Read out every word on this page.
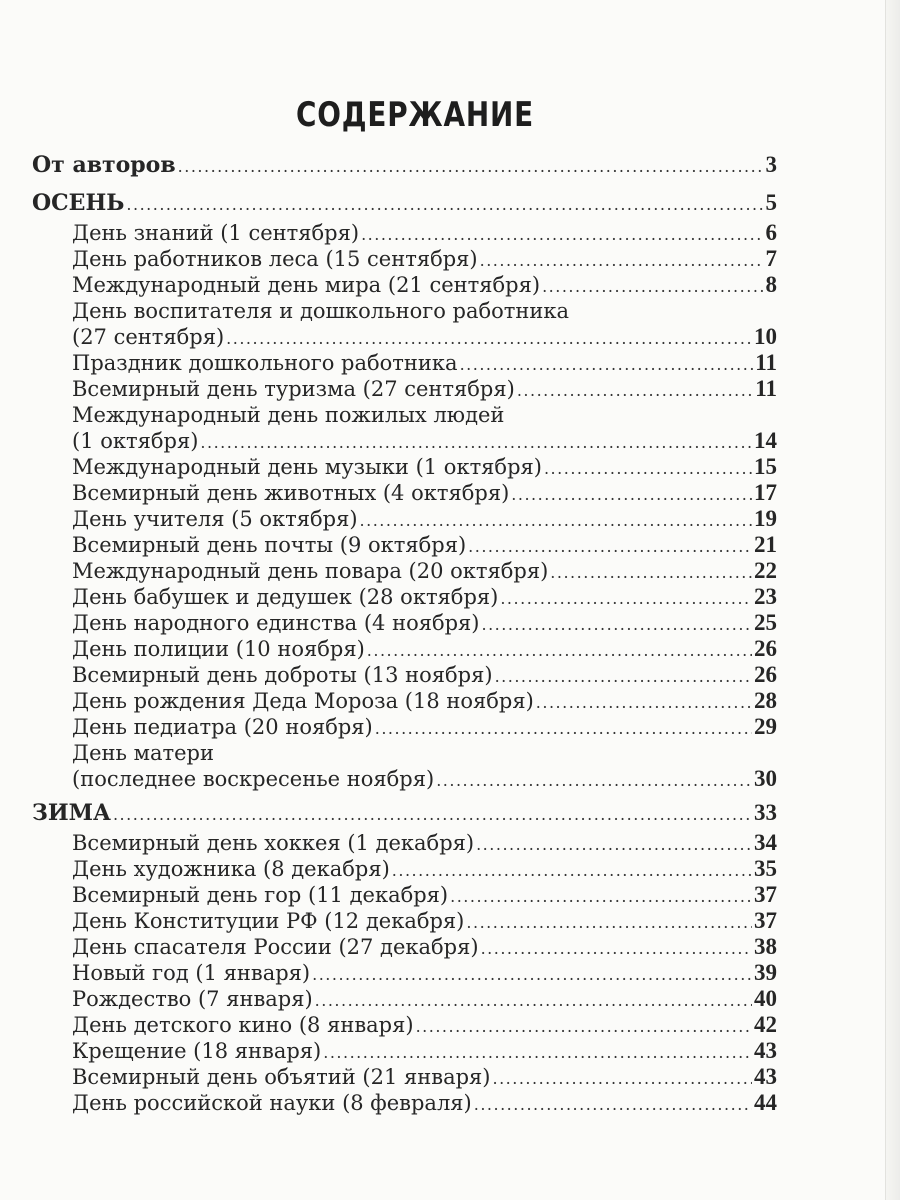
СОДЕРЖАНИЕ
От авторов .....	3
ОСЕНЬ .....	5
День знаний (1 сентября) .....	6
День работников леса (15 сентября) .....	7
Международный день мира (21 сентября) .....	8
День воспитателя и дошкольного работника
(27 сентября) .....	10
Праздник дошкольного работника .....	11
Всемирный день туризма (27 сентября) .....	11
Международный день пожилых людей
(1 октября) .....	14
Международный день музыки (1 октября) .....	15
Всемирный день животных (4 октября) .....	17
День учителя (5 октября) .....	19
Всемирный день почты (9 октября) .....	21
Международный день повара (20 октября) .....	22
День бабушек и дедушек (28 октября) .....	23
День народного единства (4 ноября) .....	25
День полиции (10 ноября) .....	26
Всемирный день доброты (13 ноября) .....	26
День рождения Деда Мороза (18 ноября) .....	28
День педиатра (20 ноября) .....	29
День матери
(последнее воскресенье ноября) .....	30
ЗИМА .....	33
Всемирный день хоккея (1 декабря) .....	34
День художника (8 декабря) .....	35
Всемирный день гор (11 декабря) .....	37
День Конституции РФ (12 декабря) .....	37
День спасателя России (27 декабря) .....	38
Новый год (1 января) .....	39
Рождество (7 января) .....	40
День детского кино (8 января) .....	42
Крещение (18 января) .....	43
Всемирный день объятий (21 января) .....	43
День российской науки (8 февраля) .....	44
